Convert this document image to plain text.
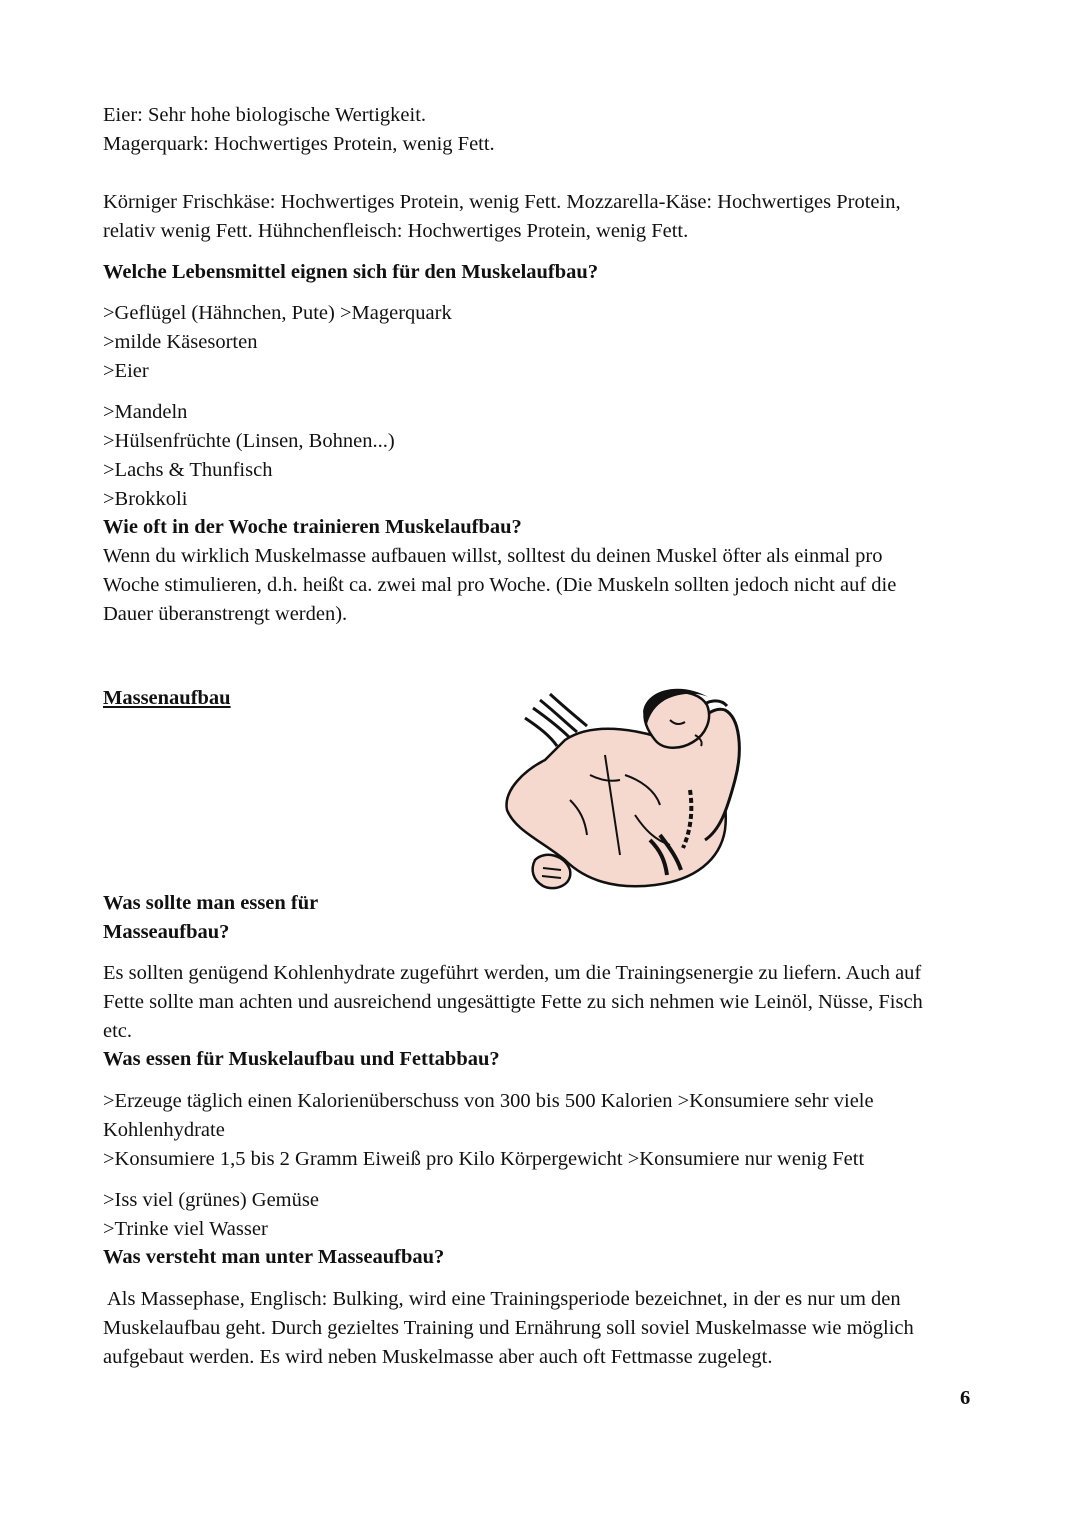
Eier: Sehr hohe biologische Wertigkeit.
Magerquark: Hochwertiges Protein, wenig Fett.
Körniger Frischkäse: Hochwertiges Protein, wenig Fett. Mozzarella-Käse: Hochwertiges Protein,
relativ wenig Fett. Hühnchenfleisch: Hochwertiges Protein, wenig Fett.
Welche Lebensmittel eignen sich für den Muskelaufbau?
>Geflügel (Hähnchen, Pute) >Magerquark
>milde Käsesorten
>Eier
>Mandeln
>Hülsenfrüchte (Linsen, Bohnen...)
>Lachs & Thunfisch
>Brokkoli
Wie oft in der Woche trainieren Muskelaufbau?
Wenn du wirklich Muskelmasse aufbauen willst, solltest du deinen Muskel öfter als einmal pro
Woche stimulieren, d.h. heißt ca. zwei mal pro Woche. (Die Muskeln sollten jedoch nicht auf die
Dauer überanstrengt werden).
Massenaufbau
Was sollte man essen für
Masseaufbau?
Es sollten genügend Kohlenhydrate zugeführt werden, um die Trainingsenergie zu liefern. Auch auf
Fette sollte man achten und ausreichend ungesättigte Fette zu sich nehmen wie Leinöl, Nüsse, Fisch
etc.
Was essen für Muskelaufbau und Fettabbau?
>Erzeuge täglich einen Kalorienüberschuss von 300 bis 500 Kalorien >Konsumiere sehr viele
Kohlenhydrate
>Konsumiere 1,5 bis 2 Gramm Eiweiß pro Kilo Körpergewicht >Konsumiere nur wenig Fett
>Iss viel (grünes) Gemüse
>Trinke viel Wasser
Was versteht man unter Masseaufbau?
Als Massephase, Englisch: Bulking, wird eine Trainingsperiode bezeichnet, in der es nur um den
Muskelaufbau geht. Durch gezieltes Training und Ernährung soll soviel Muskelmasse wie möglich
aufgebaut werden. Es wird neben Muskelmasse aber auch oft Fettmasse zugelegt.
6
